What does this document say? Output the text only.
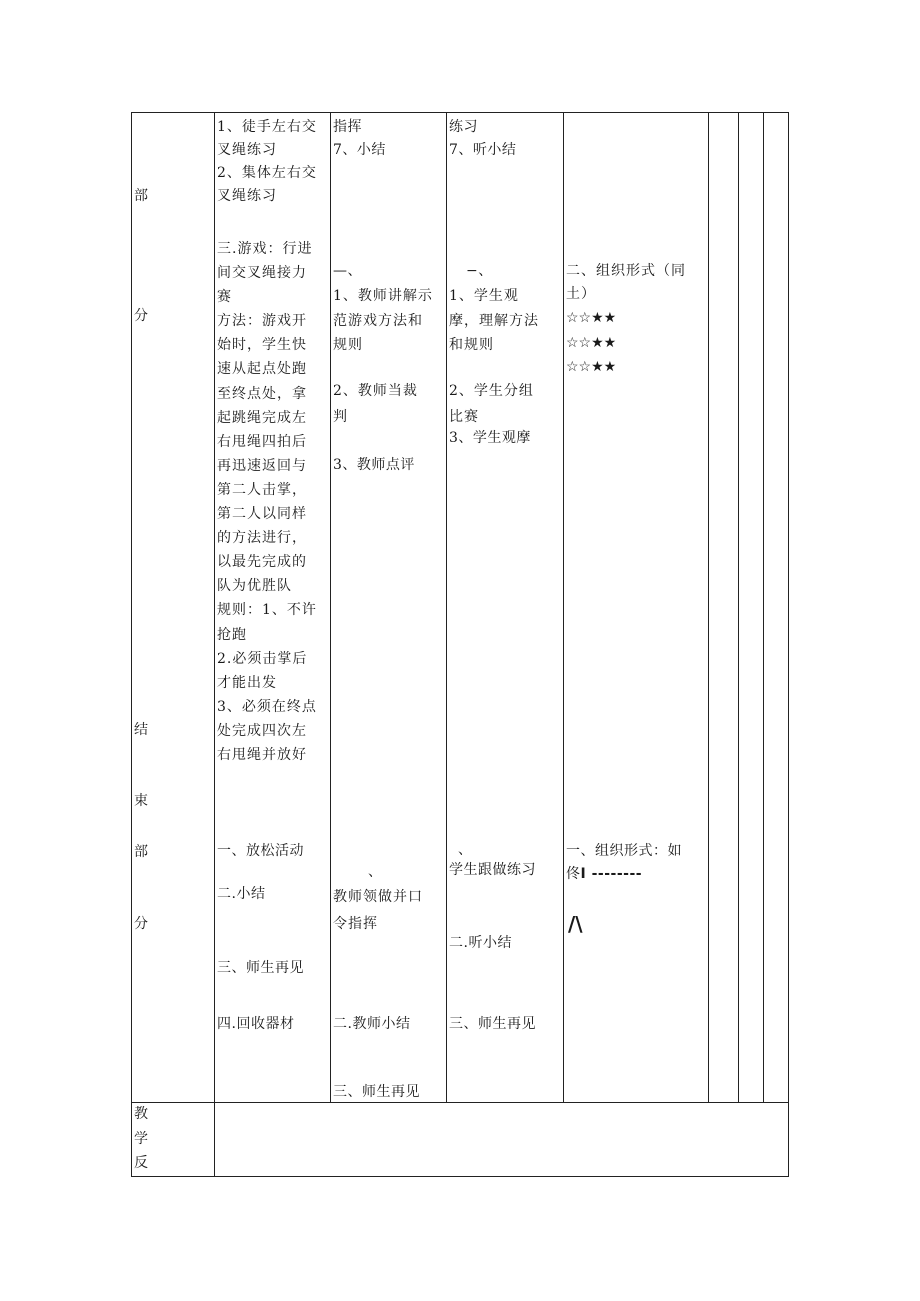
部
分
结
束
部
分
教
学
反
1、徒手左右交
叉绳练习
2、集体左右交
叉绳练习
三.游戏：行进
间交叉绳接力
赛
方法：游戏开
始时，学生快
速从起点处跑
至终点处，拿
起跳绳完成左
右甩绳四拍后
再迅速返回与
第二人击掌，
第二人以同样
的方法进行，
以最先完成的
队为优胜队
规则：1、不许
抢跑
2.必须击掌后
才能出发
3、必须在终点
处完成四次左
右甩绳并放好
一、放松活动
二.小结
三、师生再见
四.回收器材
指挥
7、小结
—、
1、教师讲解示
范游戏方法和
规则
2、教师当裁
判
3、教师点评
、
教师领做并口
令指挥
二.教师小结
三、师生再见
练习
7、听小结
−、
1、学生观
摩，理解方法
和规则
2、学生分组
比赛
3、学生观摩
、
学生跟做练习
二.听小结
三、师生再见
二、组织形式（同
土）
☆☆★★
☆☆★★
☆☆★★
一、组织形式：如
佟I --------
/\
